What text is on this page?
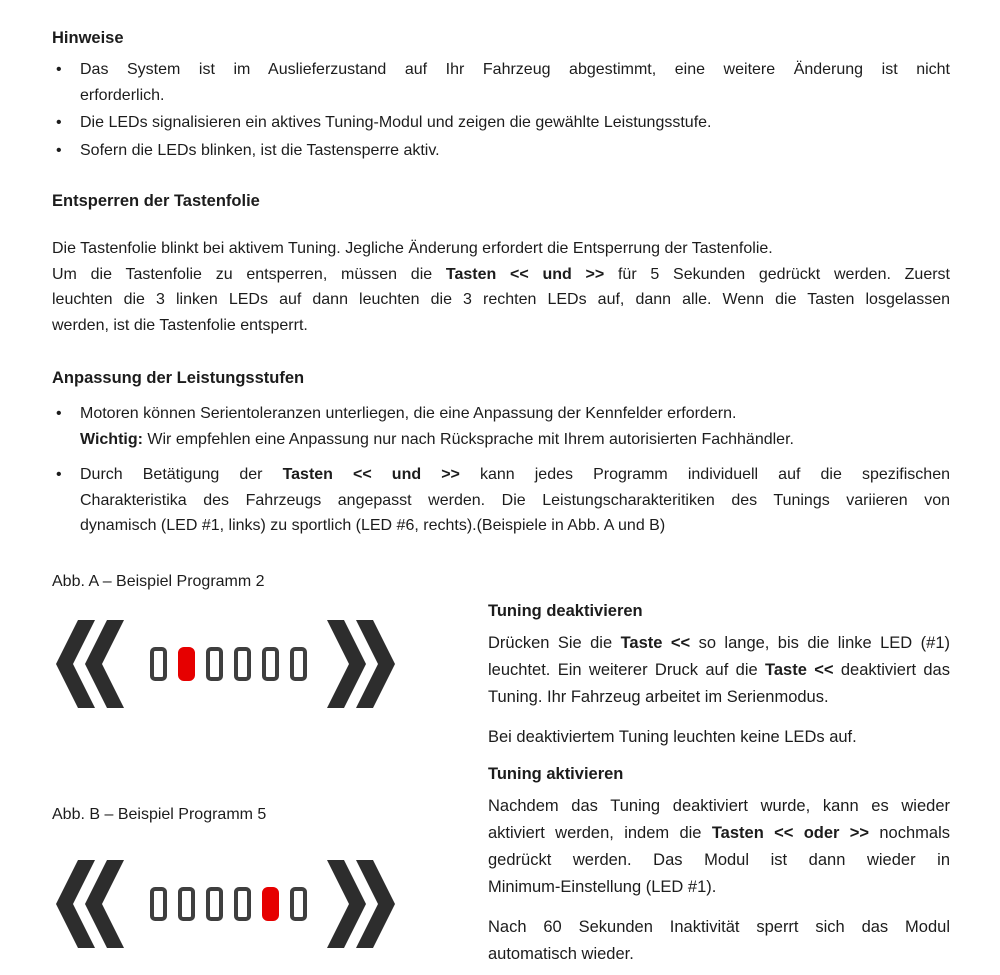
Hinweise
• Das System ist im Auslieferzustand auf Ihr Fahrzeug abgestimmt, eine weitere Änderung ist nicht
erforderlich.
• Die LEDs signalisieren ein aktives Tuning-Modul und zeigen die gewählte Leistungsstufe.
• Sofern die LEDs blinken, ist die Tastensperre aktiv.
Entsperren der Tastenfolie

Die Tastenfolie blinkt bei aktivem Tuning. Jegliche Änderung erfordert die Entsperrung der Tastenfolie.
Um die Tastenfolie zu entsperren, müssen die Tasten << und >> für 5 Sekunden gedrückt werden. Zuerst
leuchten die 3 linken LEDs auf dann leuchten die 3 rechten LEDs auf, dann alle. Wenn die Tasten losgelassen
werden, ist die Tastenfolie entsperrt.

Anpassung der Leistungsstufen
• Motoren können Serientoleranzen unterliegen, die eine Anpassung der Kennfelder erfordern.
Wichtig: Wir empfehlen eine Anpassung nur nach Rücksprache mit Ihrem autorisierten Fachhändler.
• Durch Betätigung der Tasten << und >> kann jedes Programm individuell auf die spezifischen
Charakteristika des Fahrzeugs angepasst werden. Die Leistungscharakteritiken des Tunings variieren von
dynamisch (LED #1, links) zu sportlich (LED #6, rechts).(Beispiele in Abb. A und B)

Abb. A – Beispiel Programm 2

Abb. B – Beispiel Programm 5

Tuning deaktivieren

Drücken Sie die Taste << so lange, bis die linke LED (#1) leuchtet. Ein weiterer Druck auf die Taste << deaktiviert das Tuning. Ihr Fahrzeug arbeitet im Serienmodus.

Bei deaktiviertem Tuning leuchten keine LEDs auf.

Tuning aktivieren

Nachdem das Tuning deaktiviert wurde, kann es wieder aktiviert werden, indem die Tasten << oder >> nochmals gedrückt werden. Das Modul ist dann wieder in Minimum‑Einstellung (LED #1).

Nach 60 Sekunden Inaktivität sperrt sich das Modul automatisch wieder.
